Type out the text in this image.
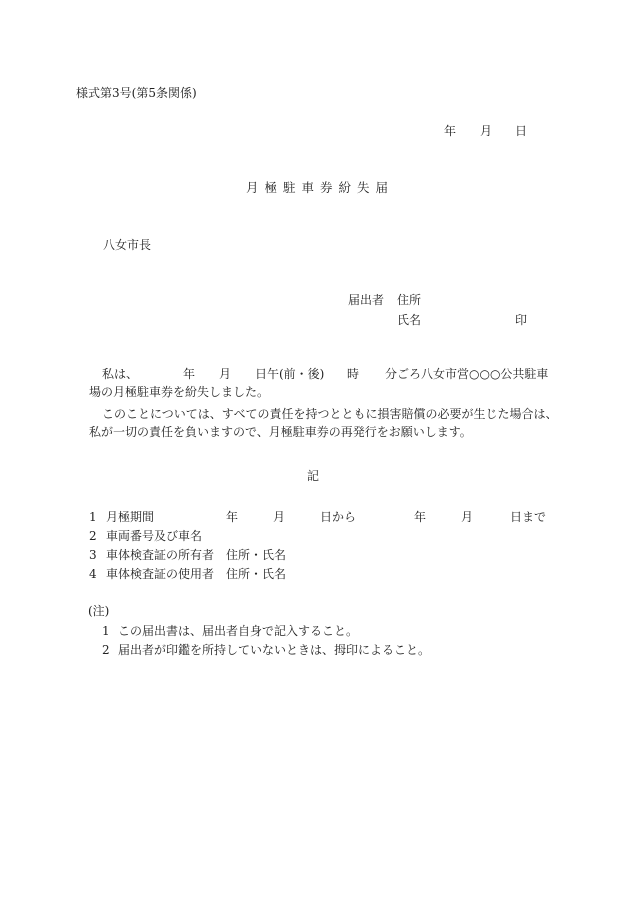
様式第3号(第5条関係)
年 月 日
月極駐車券紛失届
八女市長
届出者 住所
氏名	印
私は、	年 月 日午(前・後) 時 分ごろ八女市営○○○公共駐車
場の月極駐車券を紛失しました。
このことについては、すべての責任を持つとともに損害賠償の必要が生じた場合は、
私が一切の責任を負いますので、月極駐車券の再発行をお願いします。
記
1 月極期間	年	月	日から	年	月	日まで
2 車両番号及び車名
3 車体検査証の所有者 住所・氏名
4 車体検査証の使用者 住所・氏名
(注)
1 この届出書は、届出者自身で記入すること。
2 届出者が印鑑を所持していないときは、拇印によること。
